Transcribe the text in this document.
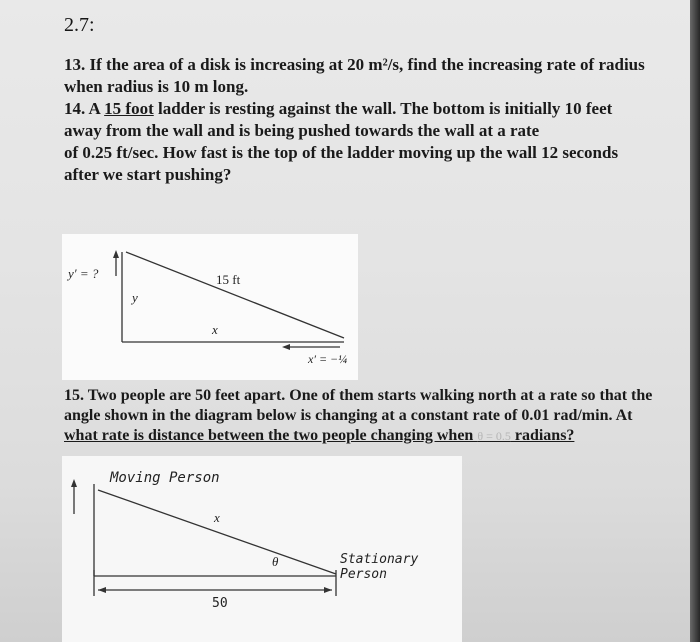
2.7:
13. If the area of a disk is increasing at 20 m²/s, find the increasing rate of radius
when radius is 10 m long.
14. A 15 foot ladder is resting against the wall. The bottom is initially 10 feet
away from the wall and is being pushed towards the wall at a rate
of 0.25 ft/sec. How fast is the top of the ladder moving up the wall 12 seconds
after we start pushing?
y′ = ?	15 ft
y
x
x′ = −¼
15. Two people are 50 feet apart. One of them starts walking north at a rate so that the
angle shown in the diagram below is changing at a constant rate of 0.01 rad/min. At
what rate is distance between the two people changing when θ = 0.5 radians?
Moving Person
x
θ	Stationary Person
50
